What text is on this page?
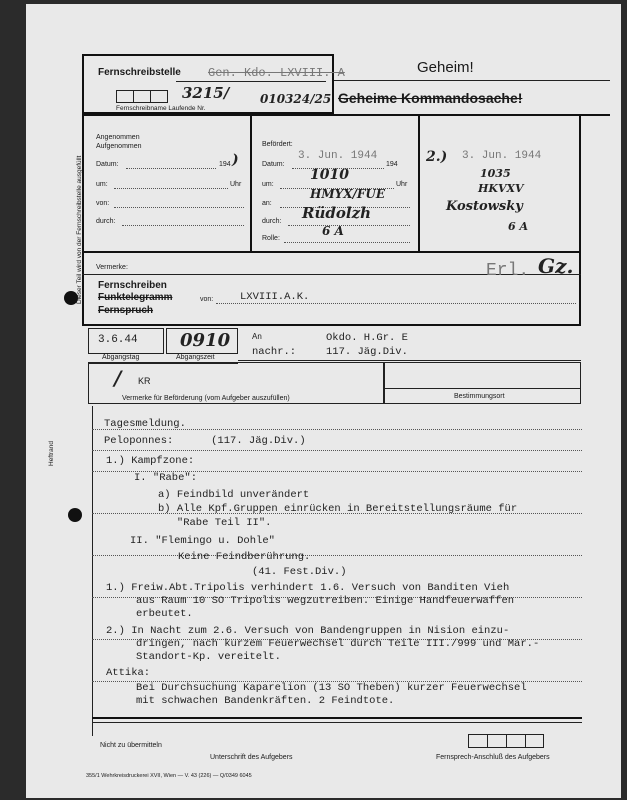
Dieser Teil wird von der Fernschreibstelle ausgefüllt
Heftrand
Fernschreibstelle Gen. Kdo. LXVIII. A
3215/	010324/25
Fernschreibname Laufende Nr.
Geheim!
Geheime Kommandosache!
Angenommen
Aufgenommen
Datum:	194 )
um:	Uhr
von:
durch:
Befördert:
Datum:
3. Jun. 1944
194
um:
1010
Uhr
an:
HMYX/FUE
durch: Rüdolzh
Rolle:
6 A
2.) 3. Jun. 1944
1035
HKVXV
Kostowsky
6 A
Vermerke:	Erl. Gz.
Fernschreiben
Funktelegramm
Fernspruch
von:	LXVIII.A.K.
3.6.44
Abgangstag
0910
Abgangszeit
An	Okdo. H.Gr. E
nachr.:	117. Jäg.Div.
/ KR
Vermerke für Beförderung (vom Aufgeber auszufüllen)	Bestimmungsort
Tagesmeldung.
Peloponnes:      (117. Jäg.Div.)
1.) Kampfzone:
I. "Rabe":
a) Feindbild unverändert
b) Alle Kpf.Gruppen einrücken in Bereitstellungsräume für
"Rabe Teil II".
II. "Flemingo u. Dohle"
Keine Feindberührung.
(41. Fest.Div.)
1.) Freiw.Abt.Tripolis verhindert 1.6. Versuch von Banditen Vieh
aus Raum 10 SO Tripolis wegzutreiben. Einige Handfeuerwaffen
erbeutet.
2.) In Nacht zum 2.6. Versuch von Bandengruppen in Nision einzu-
dringen, nach kurzem Feuerwechsel durch Teile III./999 und Mar.-
Standort-Kp. vereitelt.
Attika:
Bei Durchsuchung Kaparelion (13 SO Theben) kurzer Feuerwechsel
mit schwachen Bandenkräften. 2 Feindtote.
Nicht zu übermitteln
Unterschrift des Aufgebers	Fernsprech-Anschluß des Aufgebers
355/1 Wehrkreisdruckerei XVII, Wien — V. 43 (226) — Q/0349 6045
